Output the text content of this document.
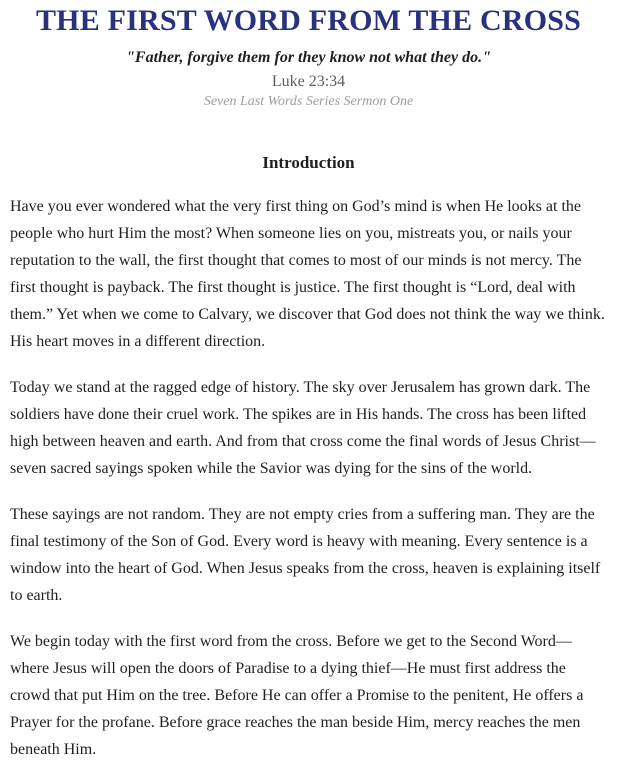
THE FIRST WORD FROM THE CROSS
"Father, forgive them for they know not what they do."
Luke 23:34
Seven Last Words Series Sermon One
Introduction

Have you ever wondered what the very first thing on God’s mind is when He looks at the people who hurt Him the most? When someone lies on you, mistreats you, or nails your reputation to the wall, the first thought that comes to most of our minds is not mercy. The first thought is payback. The first thought is justice. The first thought is “Lord, deal with them.” Yet when we come to Calvary, we discover that God does not think the way we think. His heart moves in a different direction.

Today we stand at the ragged edge of history. The sky over Jerusalem has grown dark. The soldiers have done their cruel work. The spikes are in His hands. The cross has been lifted high between heaven and earth. And from that cross come the final words of Jesus Christ—seven sacred sayings spoken while the Savior was dying for the sins of the world.

These sayings are not random. They are not empty cries from a suffering man. They are the final testimony of the Son of God. Every word is heavy with meaning. Every sentence is a window into the heart of God. When Jesus speaks from the cross, heaven is explaining itself to earth.

We begin today with the first word from the cross. Before we get to the Second Word—where Jesus will open the doors of Paradise to a dying thief—He must first address the crowd that put Him on the tree. Before He can offer a Promise to the penitent, He offers a Prayer for the profane. Before grace reaches the man beside Him, mercy reaches the men beneath Him.
